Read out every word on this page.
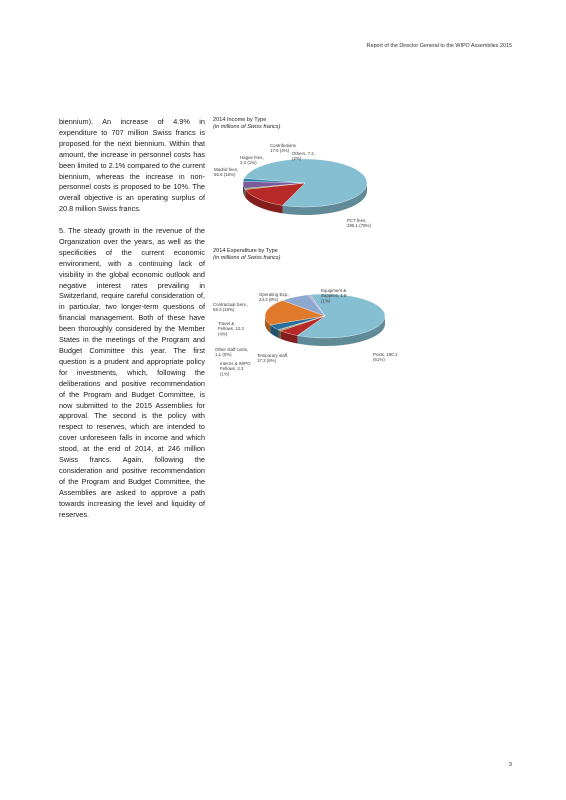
Report of the Director General to the WIPO Assemblies 2015

biennium). An increase of 4.9% in expenditure to 707 million Swiss francs is proposed for the next biennium. Within that amount, the increase in personnel costs has been limited to 2.1% compared to the current biennium, whereas the increase in non-personnel costs is proposed to be 10%. The overall objective is an operating surplus of 20.8 million Swiss francs.

5. The steady growth in the revenue of the Organization over the years, as well as the specificities of the current economic environment, with a continuing lack of visibility in the global economic outlook and negative interest rates prevailing in Switzerland, require careful consideration of, in particular, two longer-term questions of financial management. Both of these have been thoroughly considered by the Member States in the meetings of the Program and Budget Committee this year. The first question is a prudent and appropriate policy for investments, which, following the deliberations and positive recommendation of the Program and Budget Committee, is now submitted to the 2015 Assemblies for approval. The second is the policy with respect to reserves, which are intended to cover unforeseen falls in income and which stood, at the end of 2014, at 246 million Swiss francs. Again, following the consideration and positive recommendation of the Program and Budget Committee, the Assemblies are asked to approve a path towards increasing the level and liquidity of reserves.

2014 Income by Type
(in millions of Swiss francs)
PCT fees, 295.1 (78%)
Madrid fees, 55.6 (15%)
Hague fees, 3.2 (1%)
Contributions 17.6 (4%)
Others, 7.2, (2%)
2014 Expenditure by Type
(in millions of Swiss francs)
Posts, 190.1 (61%)
Temporary staff, 17.3 (6%)
Interns & WIPO Fellows, 2.3 (1%)
Other staff costs, 1.1 (0%)
Travel & Fellows, 12.3 (4%)
Contractual Serv., 59.3 (19%)
Operating Exp., 24.3 (8%)
Equipment & Supplies, 1.9 (1%)
3
